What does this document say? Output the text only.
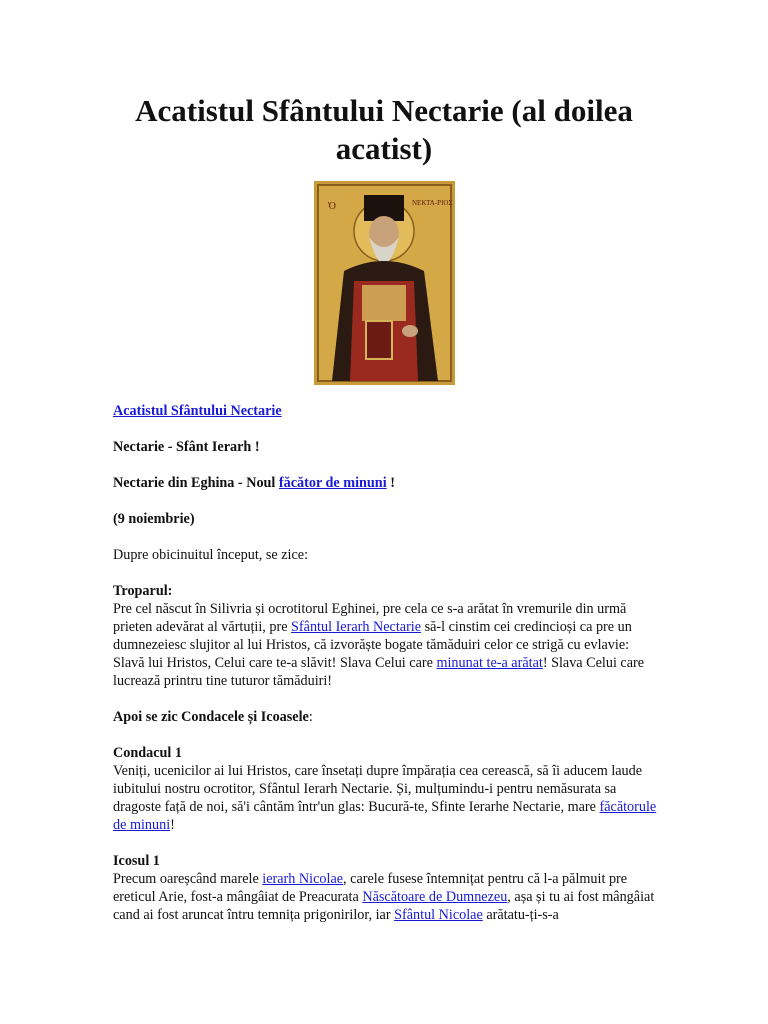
Acatistul Sfântului Nectarie (al doilea acatist)
Ὁ	ΝΕΚΤΑ-ΡΙΟΣ

Acatistul Sfântului Nectarie

Nectarie - Sfânt Ierarh !

Nectarie din Eghina - Noul făcător de minuni !

(9 noiembrie)

Dupre obicinuitul început, se zice:

Troparul:
Pre cel născut în Silivria și ocrotitorul Eghinei, pre cela ce s-a arătat în vremurile din urmă prieten adevărat al vărtuții, pre Sfântul Ierarh Nectarie să-l cinstim cei credincioși ca pre un dumnezeiesc slujitor al lui Hristos, că izvorăște bogate tămăduiri celor ce strigă cu evlavie: Slavă lui Hristos, Celui care te-a slăvit! Slava Celui care minunat te-a arătat! Slava Celui care lucrează printru tine tuturor tămăduiri!

Apoi se zic Condacele și Icoasele:

Condacul 1
Veniți, ucenicilor ai lui Hristos, care însetați dupre împărația cea cerească, să îi aducem laude iubitului nostru ocrotitor, Sfântul Ierarh Nectarie. Și, mulțumindu-i pentru nemăsurata sa dragoste față de noi, să'i cântăm într'un glas: Bucură-te, Sfinte Ierarhe Nectarie, mare făcătorule de minuni!

Icosul 1
Precum oareșcând marele ierarh Nicolae, carele fusese întemnițat pentru că l-a pălmuit pre ereticul Arie, fost-a mângâiat de Preacurata Născătoare de Dumnezeu, așa și tu ai fost mângâiat cand ai fost aruncat întru temnița prigonirilor, iar Sfântul Nicolae arătatu-ți-s-a
